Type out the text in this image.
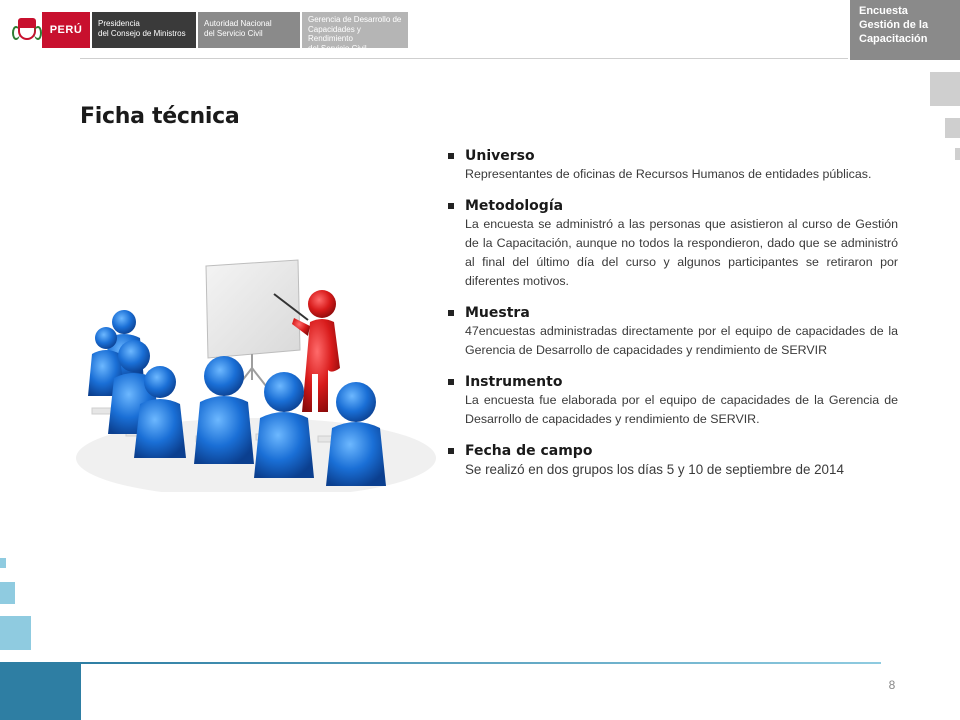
PERÚ
Presidencia
del Consejo de Ministros
Autoridad Nacional
del Servicio Civil
Gerencia de Desarrollo de
Capacidades y Rendimiento
del Servicio Civil
Encuesta
Gestión de la
Capacitación
Ficha técnica
Universo
Representantes de oficinas de Recursos Humanos de entidades públicas.
Metodología
La encuesta se administró a las personas que asistieron al curso de Gestión de la Capacitación, aunque no todos la respondieron, dado que se administró al final del último día del curso y algunos participantes se retiraron por diferentes motivos.
Muestra
47encuestas administradas directamente por el equipo de capacidades de la Gerencia de Desarrollo de capacidades y rendimiento de SERVIR
Instrumento
La encuesta fue elaborada por el equipo de capacidades de la Gerencia de Desarrollo de capacidades y rendimiento de SERVIR.
Fecha de campo
Se realizó en dos grupos los días 5 y 10 de septiembre de 2014
8
